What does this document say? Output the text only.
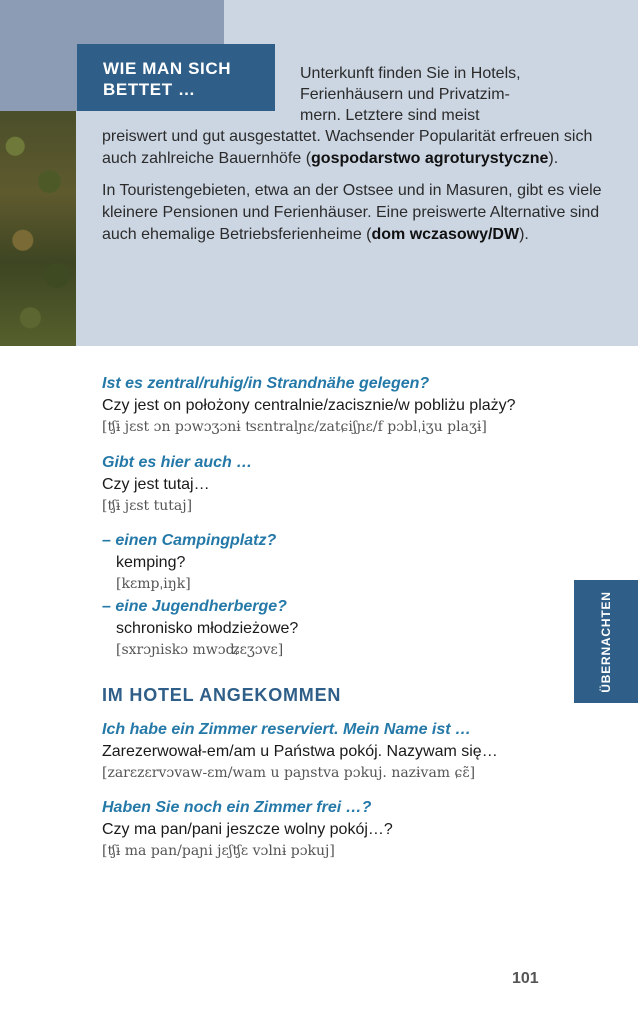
WIE MAN SICH
BETTET …
Unterkunft finden Sie in Hotels,
Ferienhäusern und Privatzim-
mern. Letztere sind meist

preiswert und gut ausgestattet. Wachsender Popularität erfreuen sich auch zahlreiche Bauernhöfe (gospodarstwo agroturystyczne).

In Touristengebieten, etwa an der Ostsee und in Masuren, gibt es viele kleinere Pensionen und Ferienhäuser. Eine preiswerte Alternative sind auch ehemalige Betriebsferienheime (dom wczasowy/DW).

Ist es zentral/ruhig/in Strandnähe gelegen?
Czy jest on położony centralnie/zacisznie/w pobliżu plaży?
[ʧɨ jɛst ɔn pɔwɔʒɔnɨ ʦɛntralɲɛ/zatɕiʃɲɛ/f pɔblˌiʒu plaʒɨ]
Gibt es hier auch …
Czy jest tutaj…
[ʧɨ jɛst tutaj]
– einen Campingplatz?
kemping?
[kɛmpˌiŋk]
– eine Jugendherberge?
schronisko młodzieżowe?
[sxrɔɲiskɔ mwɔʥɛʒɔvɛ]
IM HOTEL ANGEKOMMEN
Ich habe ein Zimmer reserviert. Mein Name ist …
Zarezerwował-em/am u Państwa pokój. Nazywam się…
[zarɛzɛrvɔvaw-ɛm/wam u paɲstva pɔkuj. nazɨvam ɕɛ̃]
Haben Sie noch ein Zimmer frei …?
Czy ma pan/pani jeszcze wolny pokój…?
[ʧɨ ma pan/paɲi jɛʃʧɛ vɔlnɨ pɔkuj]
ÜBERNACHTEN
101
